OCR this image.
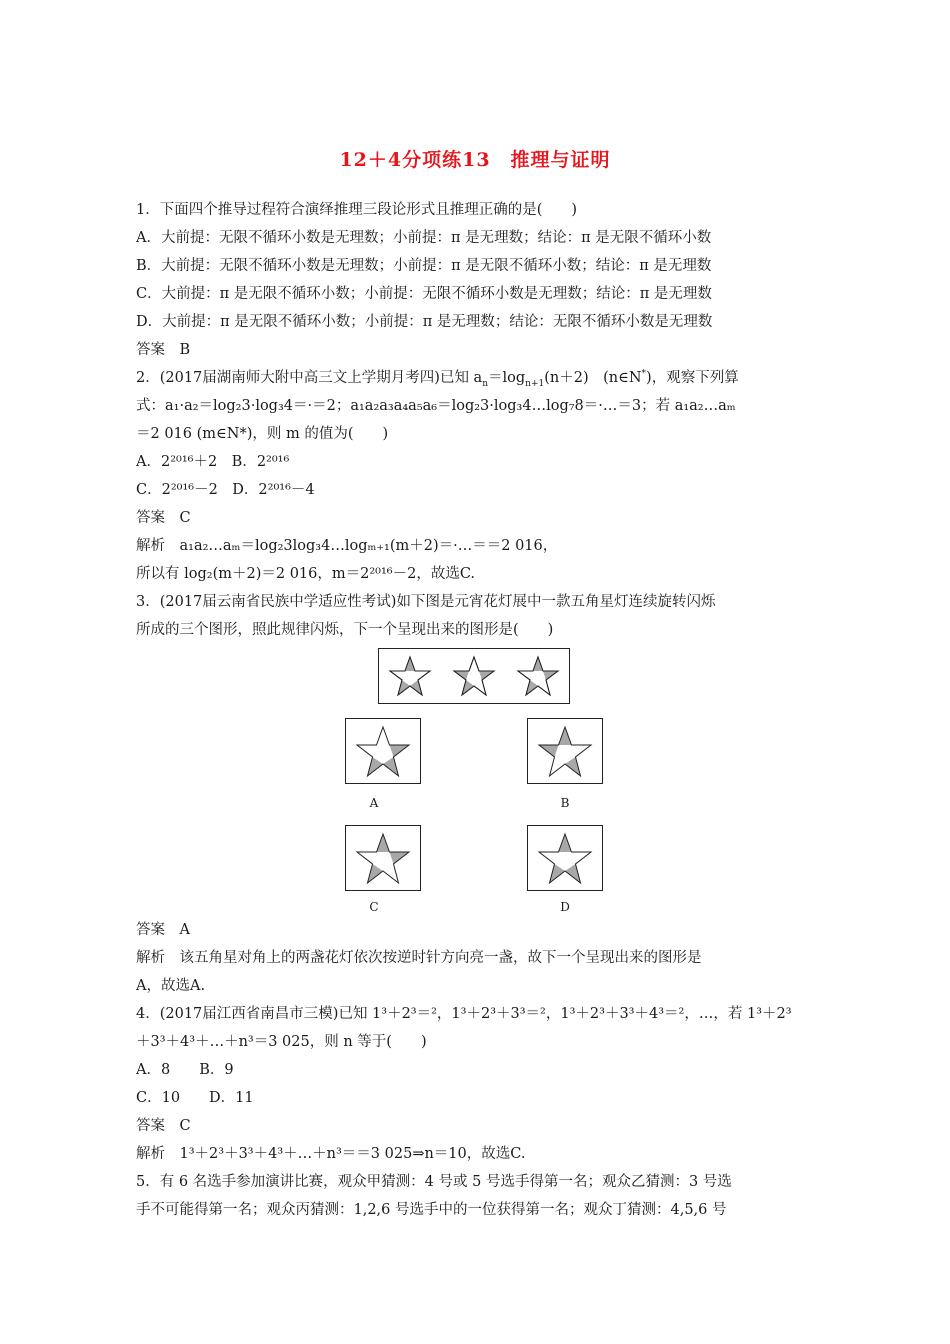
12＋4分项练13　推理与证明
1．下面四个推导过程符合演绎推理三段论形式且推理正确的是(　　)
A．大前提：无限不循环小数是无理数；小前提：π 是无理数；结论：π 是无限不循环小数
B．大前提：无限不循环小数是无理数；小前提：π 是无限不循环小数；结论：π 是无理数
C．大前提：π 是无限不循环小数；小前提：无限不循环小数是无理数；结论：π 是无理数
D．大前提：π 是无限不循环小数；小前提：π 是无理数；结论：无限不循环小数是无理数
答案　B
2．(2017届湖南师大附中高三文上学期月考四)已知 $a_n=\log_{n+1}(n+2)$　(n∈N*)，观察下列算
式：a₁·a₂＝log₂3·log₃4＝·＝2；a₁a₂a₃a₄a₅a₆＝log₂3·log₃4…log₇8＝·…＝3；若 a₁a₂…aₘ
＝2 016 (m∈N*)，则 m 的值为(　　)
A．2²⁰¹⁶＋2　B．2²⁰¹⁶
C．2²⁰¹⁶－2　D．2²⁰¹⁶－4
答案　C
解析　a₁a₂…aₘ＝log₂3log₃4…logₘ₊₁(m＋2)＝·…＝＝2 016，
所以有 log₂(m＋2)＝2 016，m＝2²⁰¹⁶－2，故选C.
3．(2017届云南省民族中学适应性考试)如下图是元宵花灯展中一款五角星灯连续旋转闪烁
所成的三个图形，照此规律闪烁，下一个呈现出来的图形是(　　)
A	B
C	D
答案　A
解析　该五角星对角上的两盏花灯依次按逆时针方向亮一盏，故下一个呈现出来的图形是
A，故选A.
4．(2017届江西省南昌市三模)已知 1³＋2³＝²，1³＋2³＋3³＝²，1³＋2³＋3³＋4³＝²，…，若 1³＋2³
＋3³＋4³＋…＋n³＝3 025，则 n 等于(　　)
A．8　　B．9
C．10　　D．11
答案　C
解析　1³＋2³＋3³＋4³＋…＋n³＝＝3 025⇒n＝10，故选C.
5．有 6 名选手参加演讲比赛，观众甲猜测：4 号或 5 号选手得第一名；观众乙猜测：3 号选
手不可能得第一名；观众丙猜测：1,2,6 号选手中的一位获得第一名；观众丁猜测：4,5,6 号
